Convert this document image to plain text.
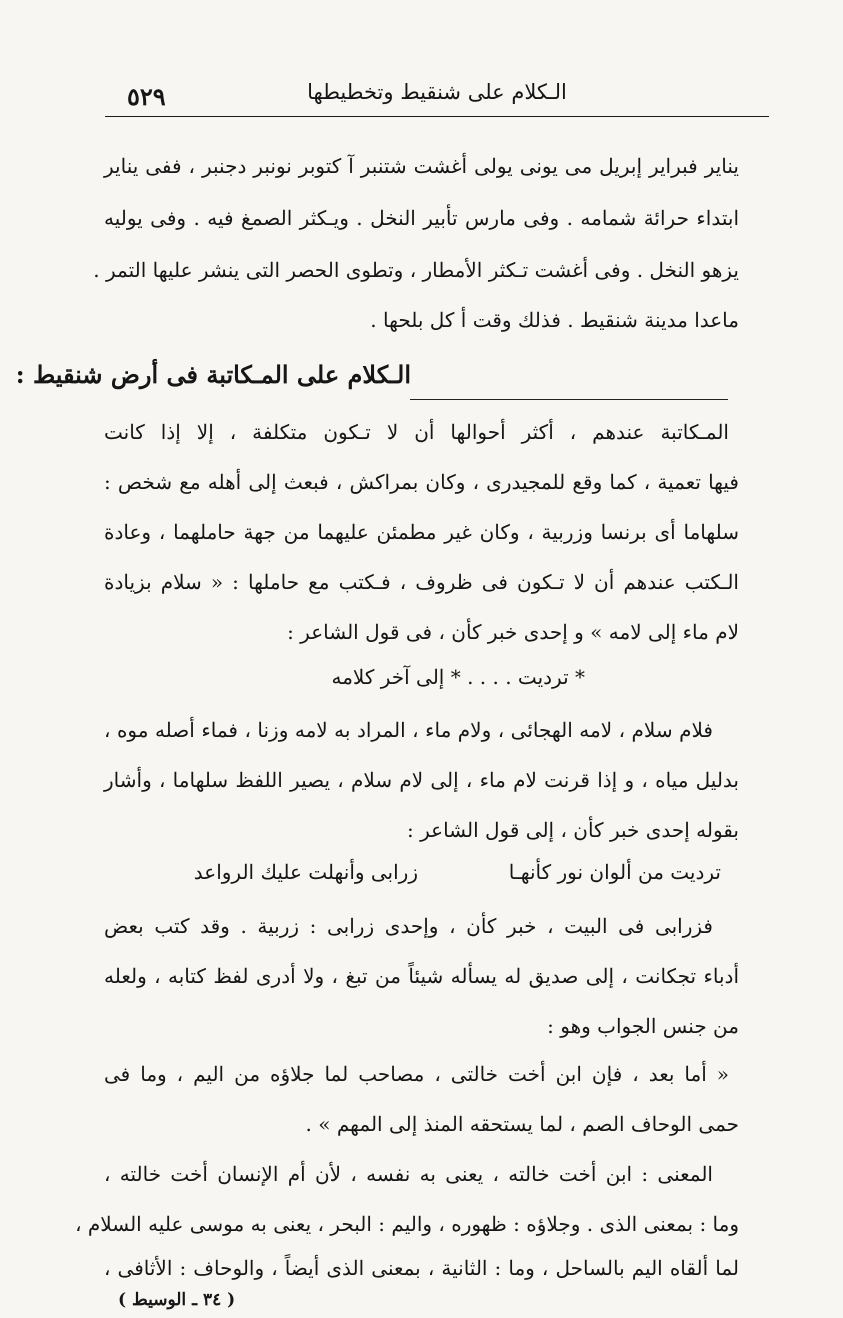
٥٢٩	الـكلام على شنقيط وتخطيطها
يناير فبراير إبريل مى يونى يولى أغشت شتنبر آ كتوبر نونبر دجنبر ، ففى يناير
ابتداء حرائة شمامه . وفى مارس تأبير النخل . ويـكثر الصمغ فيه . وفى يوليه
يزهو النخل . وفى أغشت تـكثر الأمطار ، وتطوى الحصر التى ينشر عليها التمر .
ماعدا مدينة شنقيط . فذلك وقت أ كل بلحها .
الـكلام على المـكاتبة فى أرض شنقيط :
المـكاتبة عندهم ، أكثر أحوالها أن لا تـكون متكلفة ، إلا إذا كانت
فيها تعمية ، كما وقع للمجيدرى ، وكان بمراكش ، فبعث إلى أهله مع شخص :
سلهاما أى برنسا وزربية ، وكان غير مطمئن عليهما من جهة حاملهما ، وعادة
الـكتب عندهم أن لا تـكون فى ظروف ، فـكتب مع حاملها : « سلام بزيادة
لام ماء إلى لامه » و إحدى خبر كأن ، فى قول الشاعر :
* ترديت . . . . * إلى آخر كلامه
فلام سلام ، لامه الهجائى ، ولام ماء ، المراد به لامه وزنا ، فماء أصله موه ،
بدليل مياه ، و إذا قرنت لام ماء ، إلى لام سلام ، يصير اللفظ سلهاما ، وأشار
بقوله إحدى خبر كأن ، إلى قول الشاعر :
ترديت من ألوان نور كأنهـا
زرابى وأنهلت عليك الرواعد
فزرابى فى البيت ، خبر كأن ، وإحدى زرابى : زربية . وقد كتب بعض
أدباء تجكانت ، إلى صديق له يسأله شيئاً من تبغ ، ولا أدرى لفظ كتابه ، ولعله
من جنس الجواب وهو :
« أما بعد ، فإن ابن أخت خالتى ، مصاحب لما جلاؤه من اليم ، وما فى
حمى الوحاف الصم ، لما يستحقه المنذ إلى المهم » .
المعنى : ابن أخت خالته ، يعنى به نفسه ، لأن أم الإنسان أخت خالته ،
وما : بمعنى الذى . وجلاؤه : ظهوره ، واليم : البحر ، يعنى به موسى عليه السلام ،
لما ألقاه اليم بالساحل ، وما : الثانية ، بمعنى الذى أيضاً ، والوحاف : الأثافى ،
( ٣٤ ـ الوسيط )
